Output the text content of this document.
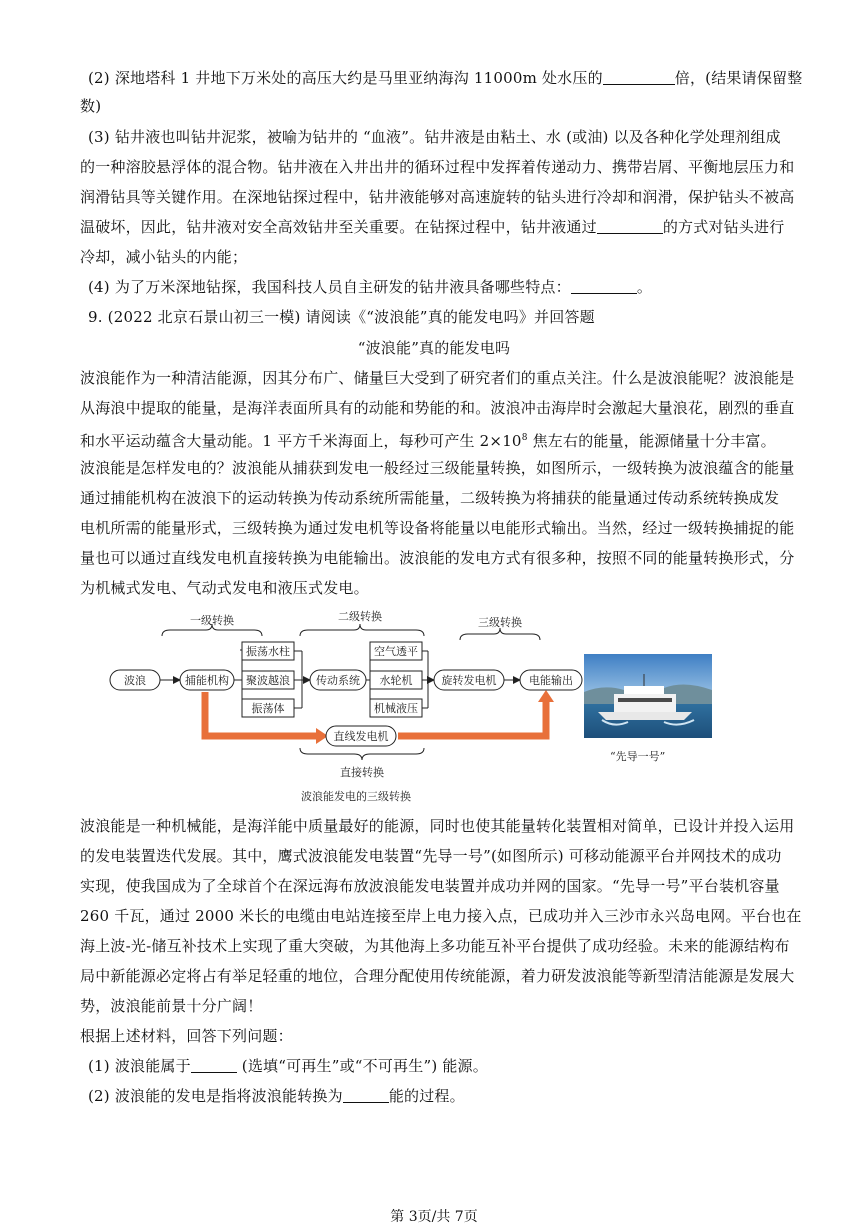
(2) 深地塔科 1 井地下万米处的高压大约是马里亚纳海沟 11000m 处水压的	倍，(结果请保留整
数)
(3) 钻井液也叫钻井泥浆，被喻为钻井的 “血液”。钻井液是由粘土、水 (或油) 以及各种化学处理剂组成
的一种溶胶悬浮体的混合物。钻井液在入井出井的循环过程中发挥着传递动力、携带岩屑、平衡地层压力和
润滑钻具等关键作用。在深地钻探过程中，钻井液能够对高速旋转的钻头进行冷却和润滑，保护钻头不被高
温破坏，因此，钻井液对安全高效钻井至关重要。在钻探过程中，钻井液通过	的方式对钻头进行
冷却，减小钻头的内能；
(4) 为了万米深地钻探，我国科技人员自主研发的钻井液具备哪些特点：	。
9. (2022 北京石景山初三一模) 请阅读《“波浪能”真的能发电吗》并回答题
“波浪能”真的能发电吗
波浪能作为一种清洁能源，因其分布广、储量巨大受到了研究者们的重点关注。什么是波浪能呢？波浪能是
从海浪中提取的能量，是海洋表面所具有的动能和势能的和。波浪冲击海岸时会激起大量浪花，剧烈的垂直
和水平运动蕴含大量动能。1 平方千米海面上，每秒可产生 $2\times 10^8$ 焦左右的能量，能源储量十分丰富。
波浪能是怎样发电的？波浪能从捕获到发电一般经过三级能量转换，如图所示，一级转换为波浪蕴含的能量
通过捕能机构在波浪下的运动转换为传动系统所需能量，二级转换为将捕获的能量通过传动系统转换成发
电机所需的能量形式，三级转换为通过发电机等设备将能量以电能形式输出。当然，经过一级转换捕捉的能
量也可以通过直线发电机直接转换为电能输出。波浪能的发电方式有很多种，按照不同的能量转换形式，分
为机械式发电、气动式发电和液压式发电。
一级转换	二级转换	三级转换
波浪	捕能机构
振荡水柱
聚波越浪
振荡体
传动系统
空气透平
水轮机
机械液压
旋转发电机	电能输出
直线发电机
直接转换
波浪能发电的三级转换
“先导一号”
波浪能是一种机械能，是海洋能中质量最好的能源，同时也使其能量转化装置相对简单，已设计并投入运用
的发电装置迭代发展。其中，鹰式波浪能发电装置“先导一号”(如图所示) 可移动能源平台并网技术的成功
实现，使我国成为了全球首个在深远海布放波浪能发电装置并成功并网的国家。“先导一号”平台装机容量
260 千瓦，通过 2000 米长的电缆由电站连接至岸上电力接入点，已成功并入三沙市永兴岛电网。平台也在
海上波-光-储互补技术上实现了重大突破，为其他海上多功能互补平台提供了成功经验。未来的能源结构布
局中新能源必定将占有举足轻重的地位，合理分配使用传统能源，着力研发波浪能等新型清洁能源是发展大
势，波浪能前景十分广阔！
根据上述材料，回答下列问题：
(1) 波浪能属于	(选填“可再生”或“不可再生”) 能源。
(2) 波浪能的发电是指将波浪能转换为	能的过程。
第 3页/共 7页
